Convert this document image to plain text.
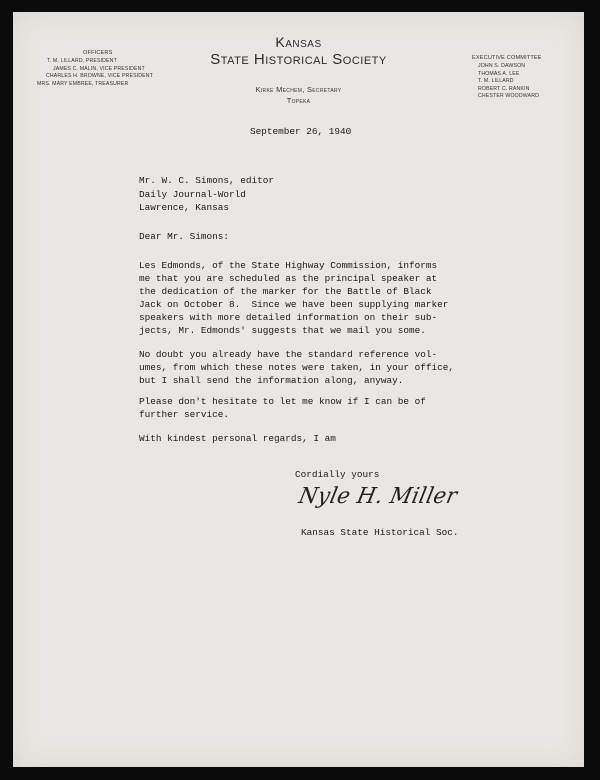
Kansas
State Historical Society
Kirke Mechem, Secretary
Topeka
OFFICERS
T. M. LILLARD, PRESIDENT
JAMES C. MALIN, VICE PRESIDENT
CHARLES H. BROWNE, VICE PRESIDENT
MRS. MARY EMBREE, TREASURER
EXECUTIVE COMMITTEE
JOHN S. DAWSON
THOMAS A. LEE
T. M. LILLARD
ROBERT C. RANKIN
CHESTER WOODWARD
September 26, 1940
Mr. W. C. Simons, editor
Daily Journal-World
Lawrence, Kansas
Dear Mr. Simons:
Les Edmonds, of the State Highway Commission, informs
me that you are scheduled as the principal speaker at
the dedication of the marker for the Battle of Black
Jack on October 8.  Since we have been supplying marker
speakers with more detailed information on their sub-
jects, Mr. Edmonds' suggests that we mail you some.
No doubt you already have the standard reference vol-
umes, from which these notes were taken, in your office,
but I shall send the information along, anyway.
Please don't hesitate to let me know if I can be of
further service.
With kindest personal regards, I am
Cordially yours
Nyle H. Miller
Kansas State Historical Soc.
